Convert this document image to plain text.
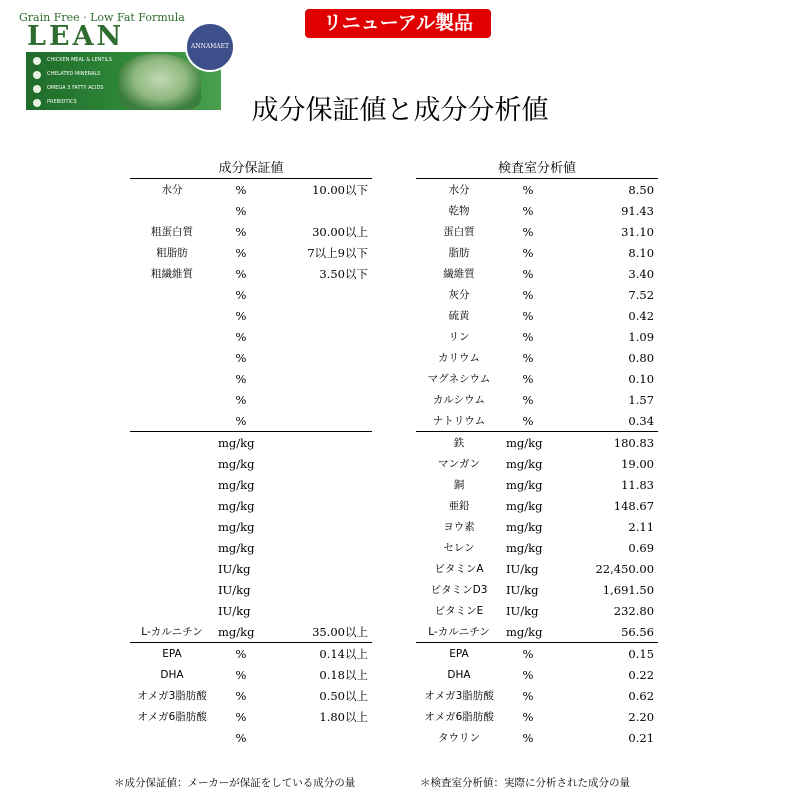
リニューアル製品
Grain Free · Low Fat Formula
LEAN	ANNAMAET
CHICKEN MEAL & LENTILS
CHELATED MINERALS
OMEGA 3 FATTY ACIDS
PREBIOTICS	成分保証値と成分分析値
成分保証値		
水分	%	10.00以下
	%	
粗蛋白質	%	30.00以上
粗脂肪	%	7以上9以下
粗繊維質	%	3.50以下
	%	
	%	
	%	
	%	
	%	
	%	
	%	
	mg/kg	
	mg/kg	
	mg/kg	
	mg/kg	
	mg/kg	
	mg/kg	
	IU/kg	
	IU/kg	
	IU/kg	
L-カルニチン	mg/kg	35.00以上
EPA	%	0.14以上
DHA	%	0.18以上
オメガ3脂肪酸	%	0.50以上
オメガ6脂肪酸	%	1.80以上
	%	
検査室分析値		
水分	%	8.50
乾物	%	91.43
蛋白質	%	31.10
脂肪	%	8.10
繊維質	%	3.40
灰分	%	7.52
硫黄	%	0.42
リン	%	1.09
カリウム	%	0.80
マグネシウム	%	0.10
カルシウム	%	1.57
ナトリウム	%	0.34
鉄	mg/kg	180.83
マンガン	mg/kg	19.00
銅	mg/kg	11.83
亜鉛	mg/kg	148.67
ヨウ素	mg/kg	2.11
セレン	mg/kg	0.69
ビタミンA	IU/kg	22,450.00
ビタミンD3	IU/kg	1,691.50
ビタミンE	IU/kg	232.80
L-カルニチン	mg/kg	56.56
EPA	%	0.15
DHA	%	0.22
オメガ3脂肪酸	%	0.62
オメガ6脂肪酸	%	2.20
タウリン	%	0.21
＊成分保証値：メーカーが保証をしている成分の量	＊検査室分析値：実際に分析された成分の量
